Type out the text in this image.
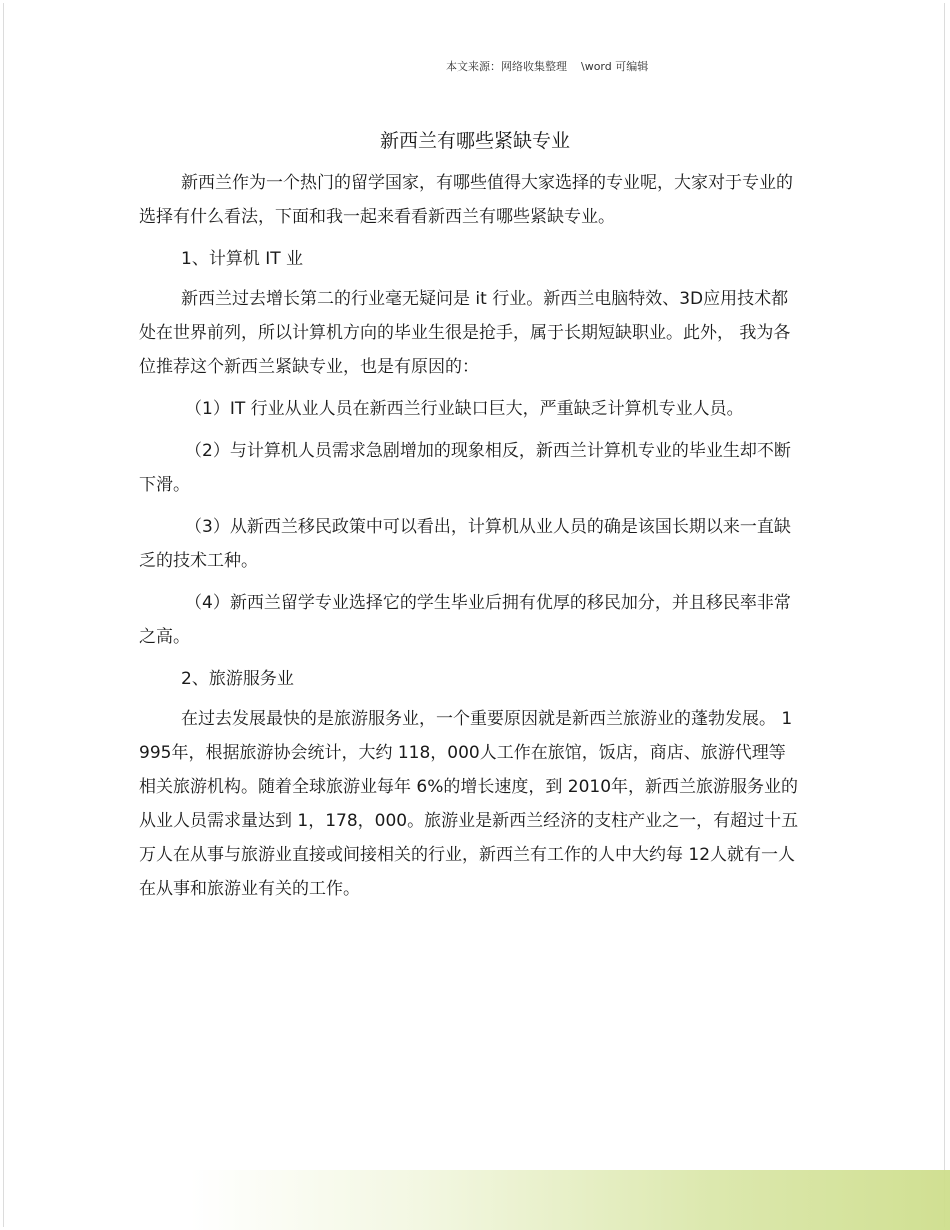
本文来源：网络收集整理    \word 可编辑
新西兰有哪些紧缺专业

新西兰作为一个热门的留学国家，有哪些值得大家选择的专业呢，大家对于专业的选择有什么看法，下面和我一起来看看新西兰有哪些紧缺专业。

1、计算机 IT 业

新西兰过去增长第二的行业毫无疑问是 it 行业。新西兰电脑特效、3D应用技术都处在世界前列，所以计算机方向的毕业生很是抢手，属于长期短缺职业。此外， 我为各位推荐这个新西兰紧缺专业，也是有原因的：

（1）IT 行业从业人员在新西兰行业缺口巨大，严重缺乏计算机专业人员。

（2）与计算机人员需求急剧增加的现象相反，新西兰计算机专业的毕业生却不断下滑。

（3）从新西兰移民政策中可以看出，计算机从业人员的确是该国长期以来一直缺乏的技术工种。

（4）新西兰留学专业选择它的学生毕业后拥有优厚的移民加分，并且移民率非常之高。

2、旅游服务业

在过去发展最快的是旅游服务业，一个重要原因就是新西兰旅游业的蓬勃发展。 1995年，根据旅游协会统计，大约 118，000人工作在旅馆，饭店，商店、旅游代理等相关旅游机构。随着全球旅游业每年 6%的增长速度，到 2010年，新西兰旅游服务业的从业人员需求量达到 1，178，000。旅游业是新西兰经济的支柱产业之一，有超过十五万人在从事与旅游业直接或间接相关的行业，新西兰有工作的人中大约每 12人就有一人在从事和旅游业有关的工作。
